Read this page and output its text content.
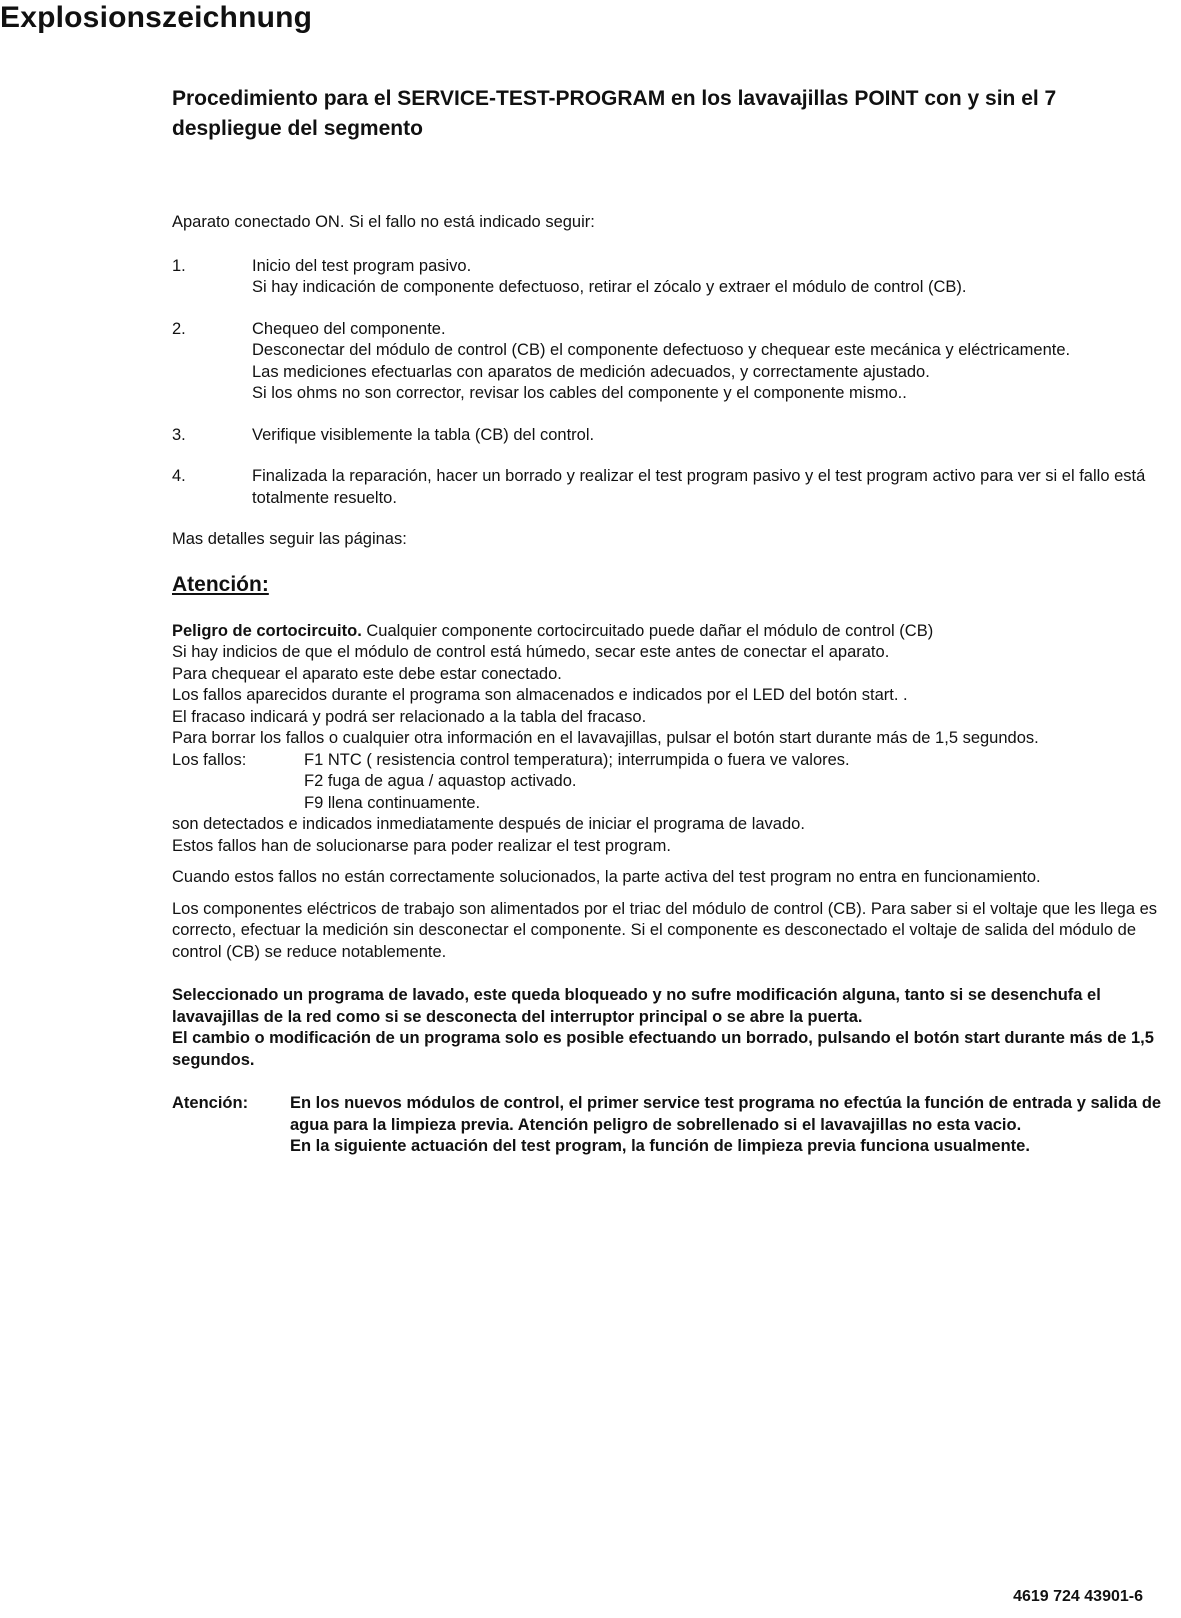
Explosionszeichnung
Procedimiento para el SERVICE-TEST-PROGRAM en los lavavajillas POINT con y sin el 7 despliegue del segmento

Aparato conectado ON. Si el fallo no está indicado seguir:

1.	Inicio del test program pasivo.
Si hay indicación de componente defectuoso, retirar el zócalo y extraer el módulo de control (CB).
2.	Chequeo del componente.
Desconectar del módulo de control (CB) el componente defectuoso y chequear este mecánica y eléctricamente.
Las mediciones efectuarlas con aparatos de medición adecuados, y correctamente ajustado.
Si los ohms no son corrector, revisar los cables del componente y el componente mismo..
3.	Verifique visiblemente la tabla (CB) del control.
4.	Finalizada la reparación, hacer un borrado y realizar el test program pasivo y el test program activo para ver si el fallo está totalmente resuelto.

Mas detalles seguir las páginas:

Atención:
Peligro de cortocircuito. Cualquier componente cortocircuitado puede dañar el módulo de control (CB)
Si hay indicios de que el módulo de control está húmedo, secar este antes de conectar el aparato.
Para chequear el aparato este debe estar conectado.
Los fallos aparecidos durante el programa son almacenados e indicados por el LED del botón start. .
El fracaso indicará y podrá ser relacionado a la tabla del fracaso.
Para borrar los fallos o cualquier otra información en el lavavajillas, pulsar el botón start durante más de 1,5 segundos.
Los fallos:	F1 NTC ( resistencia control temperatura); interrumpida o fuera ve valores.
F2 fuga de agua / aquastop activado.
F9 llena continuamente.
son detectados e indicados inmediatamente después de iniciar el programa de lavado.
Estos fallos han de solucionarse para poder realizar el test program.

Cuando estos fallos no están correctamente solucionados, la parte activa del test program no entra en funcionamiento.

Los componentes eléctricos de trabajo son alimentados por el triac del módulo de control (CB). Para saber si el voltaje que les llega es correcto, efectuar la medición sin desconectar el componente. Si el componente es desconectado el voltaje de salida del módulo de control (CB) se reduce notablemente.

Seleccionado un programa de lavado, este queda bloqueado y no sufre modificación alguna, tanto si se desenchufa el lavavajillas de la red como si se desconecta del interruptor principal o se abre la puerta.
El cambio o modificación de un programa solo es posible efectuando un borrado, pulsando el botón start durante más de 1,5 segundos.
Atención:	En los nuevos módulos de control, el primer service test programa no efectúa la función de entrada y salida de agua para la limpieza previa. Atención peligro de sobrellenado si el lavavajillas no esta vacio.
En la siguiente actuación del test program, la función de limpieza previa funciona usualmente.
4619 724 43901-6
